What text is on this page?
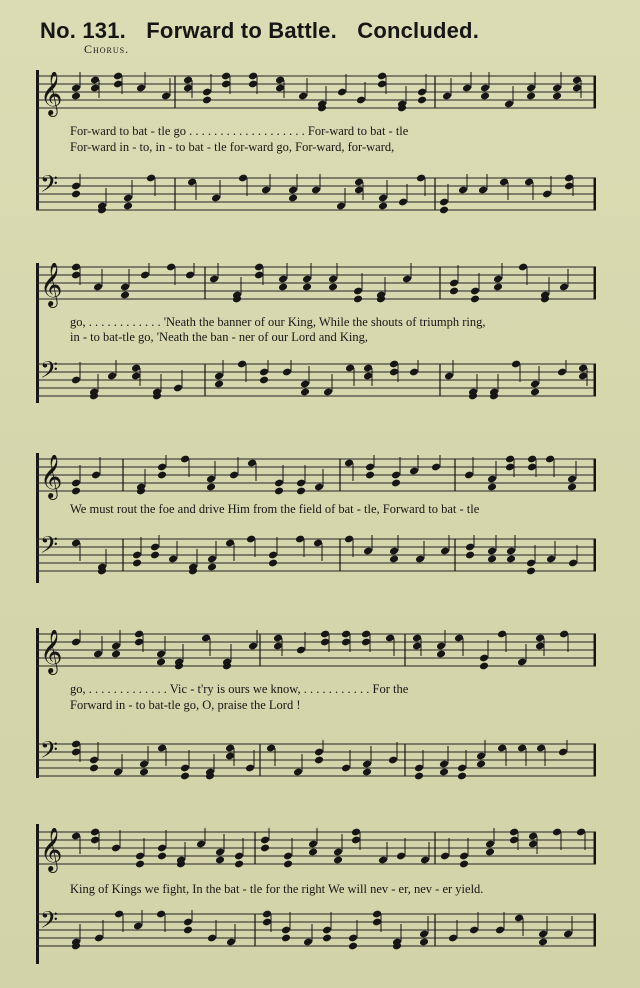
No. 131. Forward to Battle. Concluded.
Chorus.
𝄞
For-ward to bat - tle go . . . . . . . . . . . . . . . . . . . For-ward to bat - tle
For-ward in - to, in - to bat - tle for-ward go, For-ward, for-ward,
𝄢
𝄞
go, . . . . . . . . . . . . 'Neath the banner of our King, While the shouts of triumph ring,
in - to bat-tle go, 'Neath the ban - ner of our Lord and King,
𝄢
𝄞
We must rout the foe and drive Him from the field of bat - tle, Forward to bat - tle
𝄢
𝄞
go, . . . . . . . . . . . . . Vic - t'ry is ours we know, . . . . . . . . . . . For the
Forward in - to bat-tle go, O, praise the Lord !
𝄢
𝄞
King of Kings we fight, In the bat - tle for the right We will nev - er, nev - er yield.
𝄢
